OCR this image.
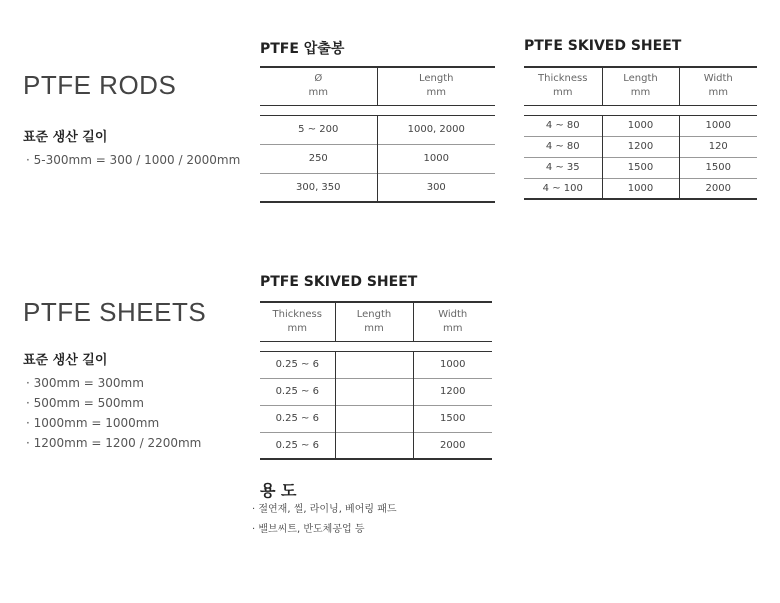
PTFE RODS
표준 생산 길이
· 5-300mm = 300 / 1000 / 2000mm
PTFE 압출봉
Ø
mm	Length
mm

5 ~ 200	1000, 2000
250	1000
300, 350	300
PTFE SKIVED SHEET
Thickness
mm	Length
mm	Width
mm

4 ~ 80	1000	1000
4 ~ 80	1200	120
4 ~ 35	1500	1500
4 ~ 100	1000	2000
PTFE SHEETS
표준 생산 길이
· 300mm = 300mm
· 500mm = 500mm
· 1000mm = 1000mm
· 1200mm = 1200 / 2200mm
PTFE SKIVED SHEET
Thickness
mm	Length
mm	Width
mm

0.25 ~ 6		1000
0.25 ~ 6		1200
0.25 ~ 6		1500
0.25 ~ 6		2000
용 도
· 절연재, 씰, 라이닝, 베어링 패드
· 밸브씨트, 반도체공업 등
